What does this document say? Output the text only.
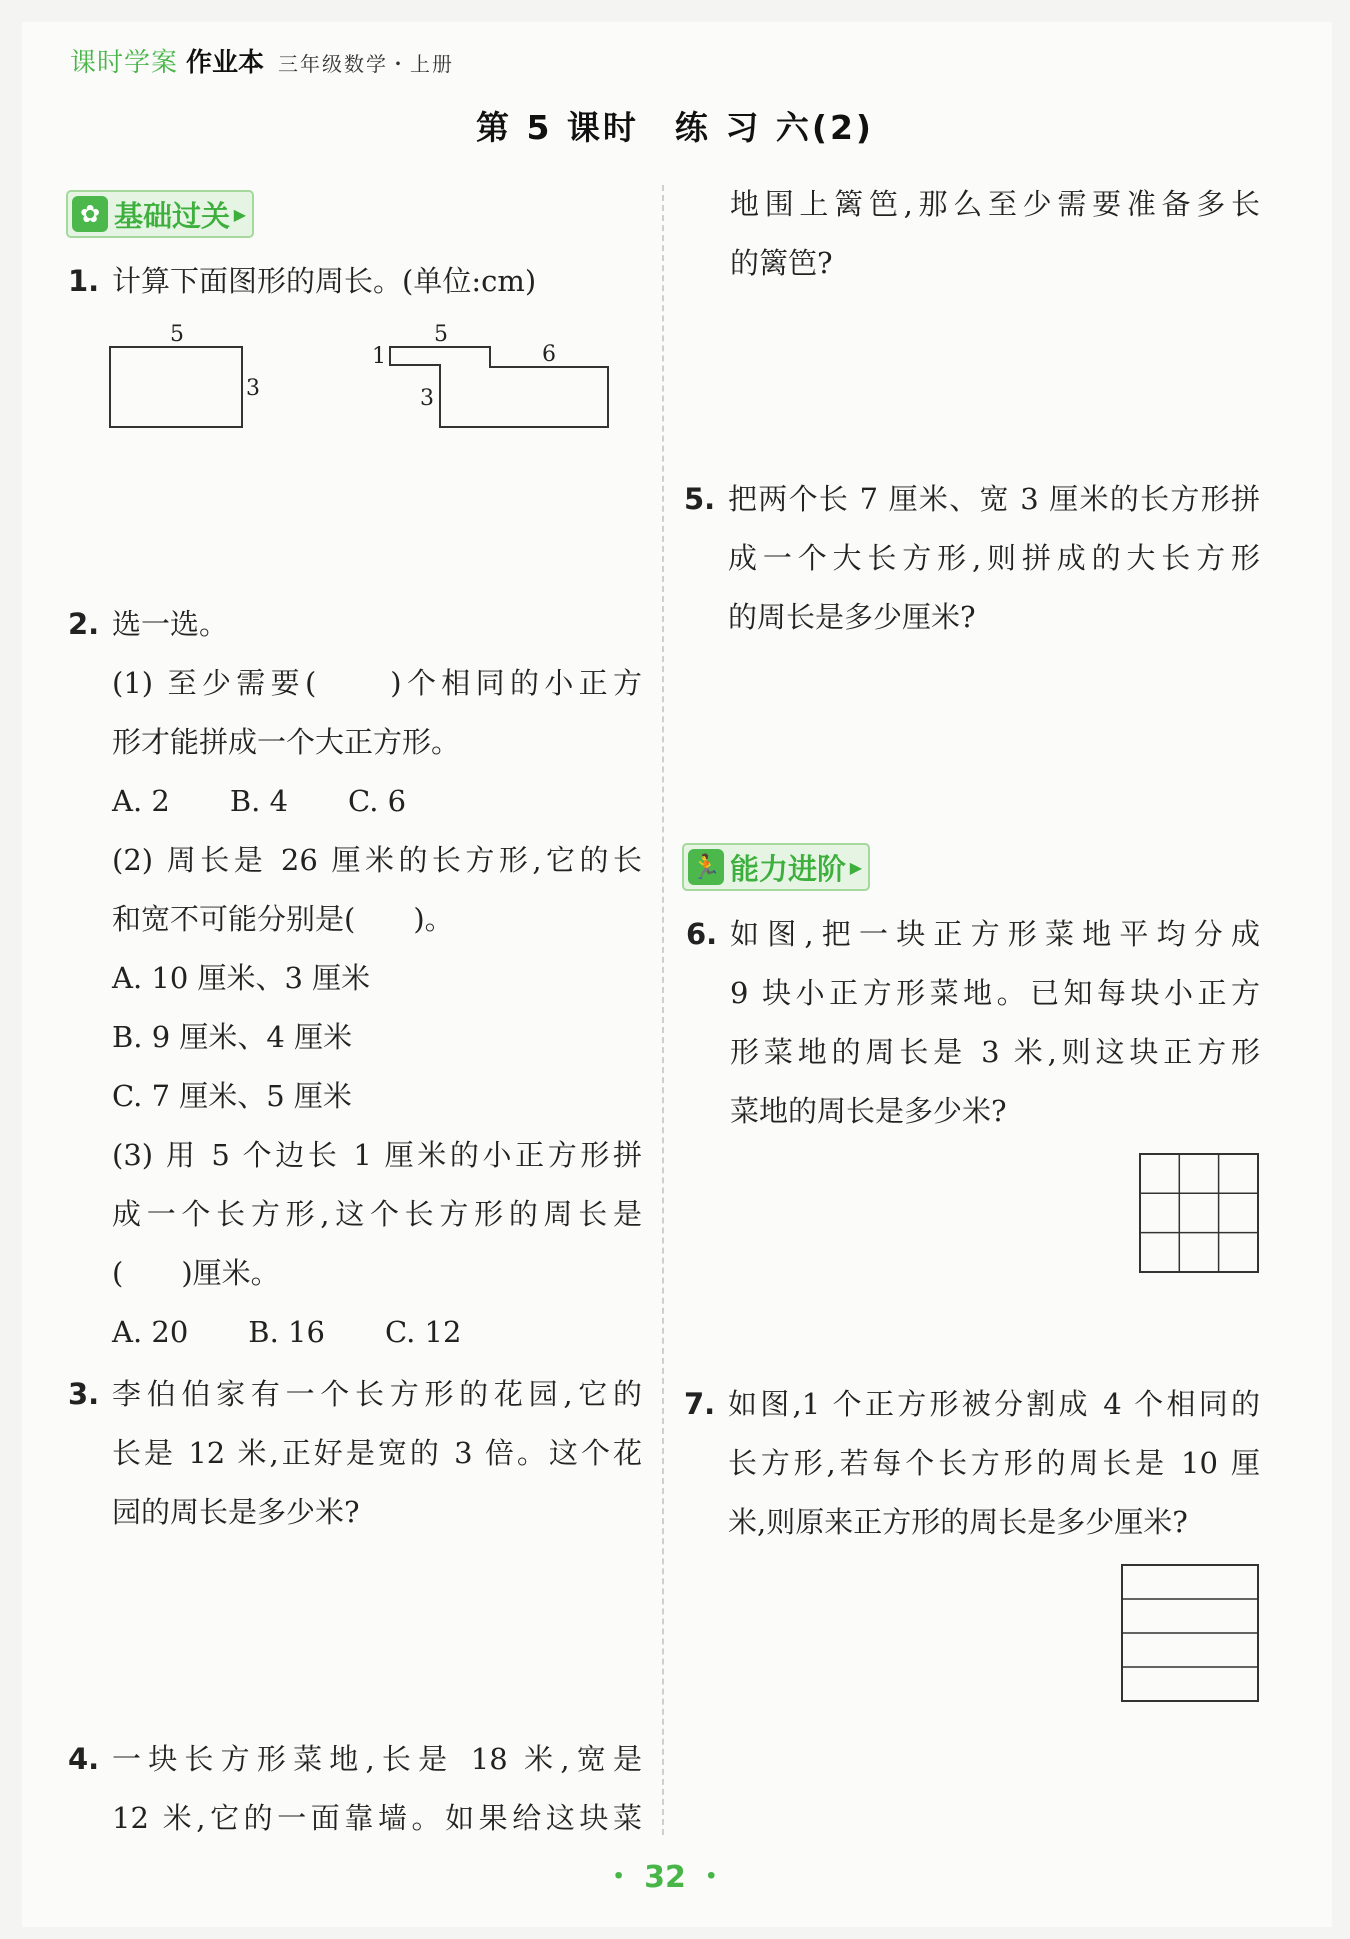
课时学案 作业本 三年级数学・上册
第 5 课时　练 习 六(2)
✿ 基础过关 ▶
1. 计算下面图形的周长。(单位:cm)
5
3
5
1	6
3
2. 选一选。
(1) 至少需要(　　)个相同的小正方
形才能拼成一个大正方形。
A. 2 B. 4 C. 6
(2) 周长是 26 厘米的长方形,它的长
和宽不可能分别是(　　)。
A. 10 厘米、3 厘米
B. 9 厘米、4 厘米
C. 7 厘米、5 厘米
(3) 用 5 个边长 1 厘米的小正方形拼
成一个长方形,这个长方形的周长是
(　　)厘米。
A. 20 B. 16 C. 12
3. 李伯伯家有一个长方形的花园,它的
长是 12 米,正好是宽的 3 倍。这个花
园的周长是多少米?
4. 一块长方形菜地,长是 18 米,宽是
12 米,它的一面靠墙。如果给这块菜
地围上篱笆,那么至少需要准备多长
的篱笆?
5. 把两个长 7 厘米、宽 3 厘米的长方形拼
成一个大长方形,则拼成的大长方形
的周长是多少厘米?
🏃 能力进阶 ▶
6. 如图,把一块正方形菜地平均分成
9 块小正方形菜地。已知每块小正方
形菜地的周长是 3 米,则这块正方形
菜地的周长是多少米?
7. 如图,1 个正方形被分割成 4 个相同的
长方形,若每个长方形的周长是 10 厘
米,则原来正方形的周长是多少厘米?
・ 32 ・
